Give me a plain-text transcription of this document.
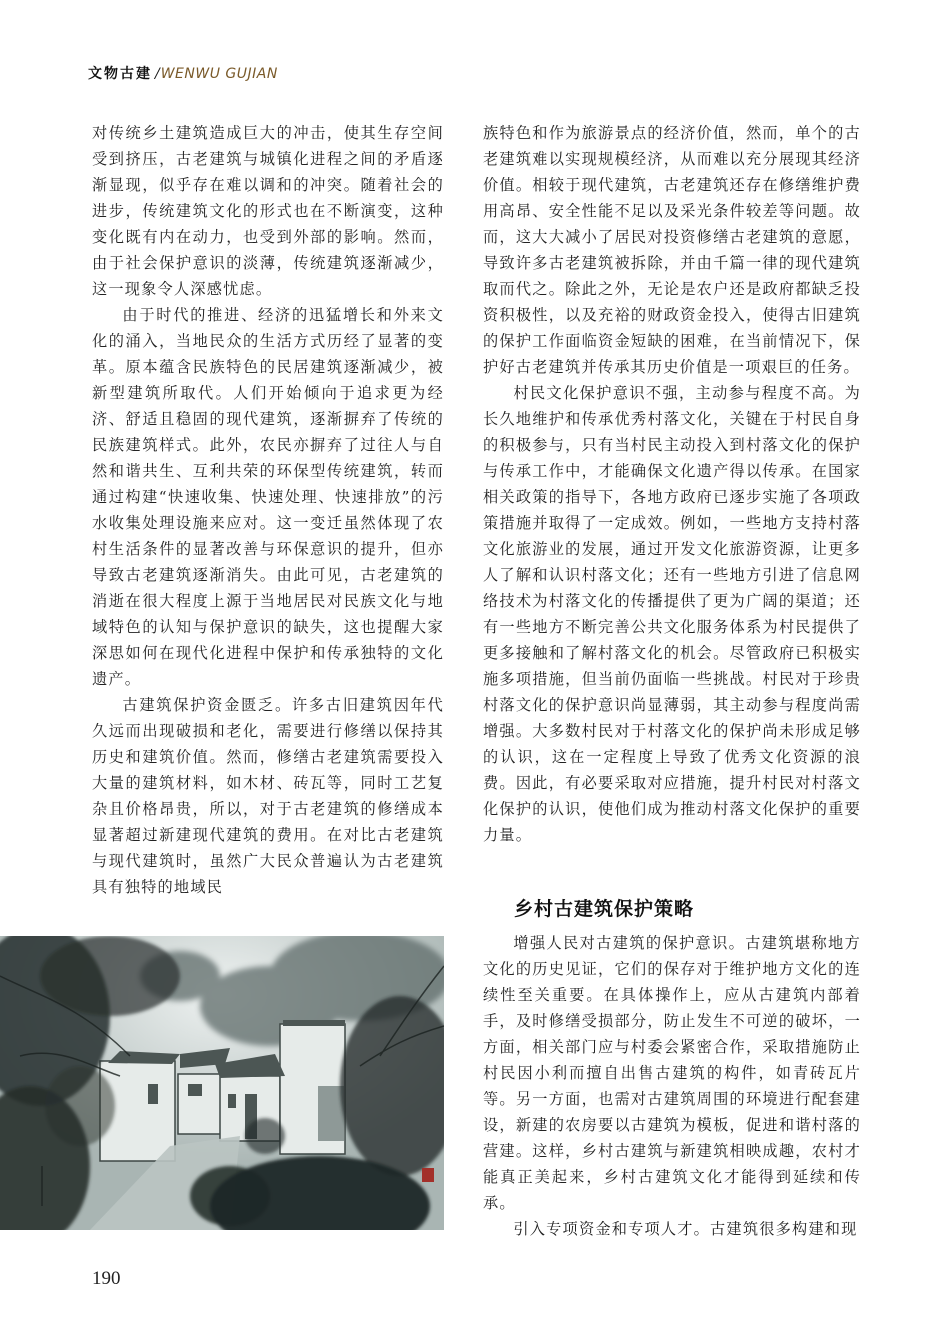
文物古建 /WENWU GUJIAN

对传统乡土建筑造成巨大的冲击，使其生存空间受到挤压，古老建筑与城镇化进程之间的矛盾逐渐显现，似乎存在难以调和的冲突。随着社会的进步，传统建筑文化的形式也在不断演变，这种变化既有内在动力，也受到外部的影响。然而，由于社会保护意识的淡薄，传统建筑逐渐减少，这一现象令人深感忧虑。

由于时代的推进、经济的迅猛增长和外来文化的涌入，当地民众的生活方式历经了显著的变革。原本蕴含民族特色的民居建筑逐渐减少，被新型建筑所取代。人们开始倾向于追求更为经济、舒适且稳固的现代建筑，逐渐摒弃了传统的民族建筑样式。此外，农民亦摒弃了过往人与自然和谐共生、互利共荣的环保型传统建筑，转而通过构建“快速收集、快速处理、快速排放”的污水收集处理设施来应对。这一变迁虽然体现了农村生活条件的显著改善与环保意识的提升，但亦导致古老建筑逐渐消失。由此可见，古老建筑的消逝在很大程度上源于当地居民对民族文化与地域特色的认知与保护意识的缺失，这也提醒大家深思如何在现代化进程中保护和传承独特的文化遗产。

古建筑保护资金匮乏。许多古旧建筑因年代久远而出现破损和老化，需要进行修缮以保持其历史和建筑价值。然而，修缮古老建筑需要投入大量的建筑材料，如木材、砖瓦等，同时工艺复杂且价格昂贵，所以，对于古老建筑的修缮成本显著超过新建现代建筑的费用。在对比古老建筑与现代建筑时，虽然广大民众普遍认为古老建筑具有独特的地域民

族特色和作为旅游景点的经济价值，然而，单个的古老建筑难以实现规模经济，从而难以充分展现其经济价值。相较于现代建筑，古老建筑还存在修缮维护费用高昂、安全性能不足以及采光条件较差等问题。故而，这大大减小了居民对投资修缮古老建筑的意愿，导致许多古老建筑被拆除，并由千篇一律的现代建筑取而代之。除此之外，无论是农户还是政府都缺乏投资积极性，以及充裕的财政资金投入，使得古旧建筑的保护工作面临资金短缺的困难，在当前情况下，保护好古老建筑并传承其历史价值是一项艰巨的任务。

村民文化保护意识不强，主动参与程度不高。为长久地维护和传承优秀村落文化，关键在于村民自身的积极参与，只有当村民主动投入到村落文化的保护与传承工作中，才能确保文化遗产得以传承。在国家相关政策的指导下，各地方政府已逐步实施了各项政策措施并取得了一定成效。例如，一些地方支持村落文化旅游业的发展，通过开发文化旅游资源，让更多人了解和认识村落文化；还有一些地方引进了信息网络技术为村落文化的传播提供了更为广阔的渠道；还有一些地方不断完善公共文化服务体系为村民提供了更多接触和了解村落文化的机会。尽管政府已积极实施多项措施，但当前仍面临一些挑战。村民对于珍贵村落文化的保护意识尚显薄弱，其主动参与程度尚需增强。大多数村民对于村落文化的保护尚未形成足够的认识，这在一定程度上导致了优秀文化资源的浪费。因此，有必要采取对应措施，提升村民对村落文化保护的认识，使他们成为推动村落文化保护的重要力量。

乡村古建筑保护策略

增强人民对古建筑的保护意识。古建筑堪称地方文化的历史见证，它们的保存对于维护地方文化的连续性至关重要。在具体操作上，应从古建筑内部着手，及时修缮受损部分，防止发生不可逆的破坏，一方面，相关部门应与村委会紧密合作，采取措施防止村民因小利而擅自出售古建筑的构件，如青砖瓦片等。另一方面，也需对古建筑周围的环境进行配套建设，新建的农房要以古建筑为模板，促进和谐村落的营建。这样，乡村古建筑与新建筑相映成趣，农村才能真正美起来，乡村古建筑文化才能得到延续和传承。

引入专项资金和专项人才。古建筑很多构建和现

190
